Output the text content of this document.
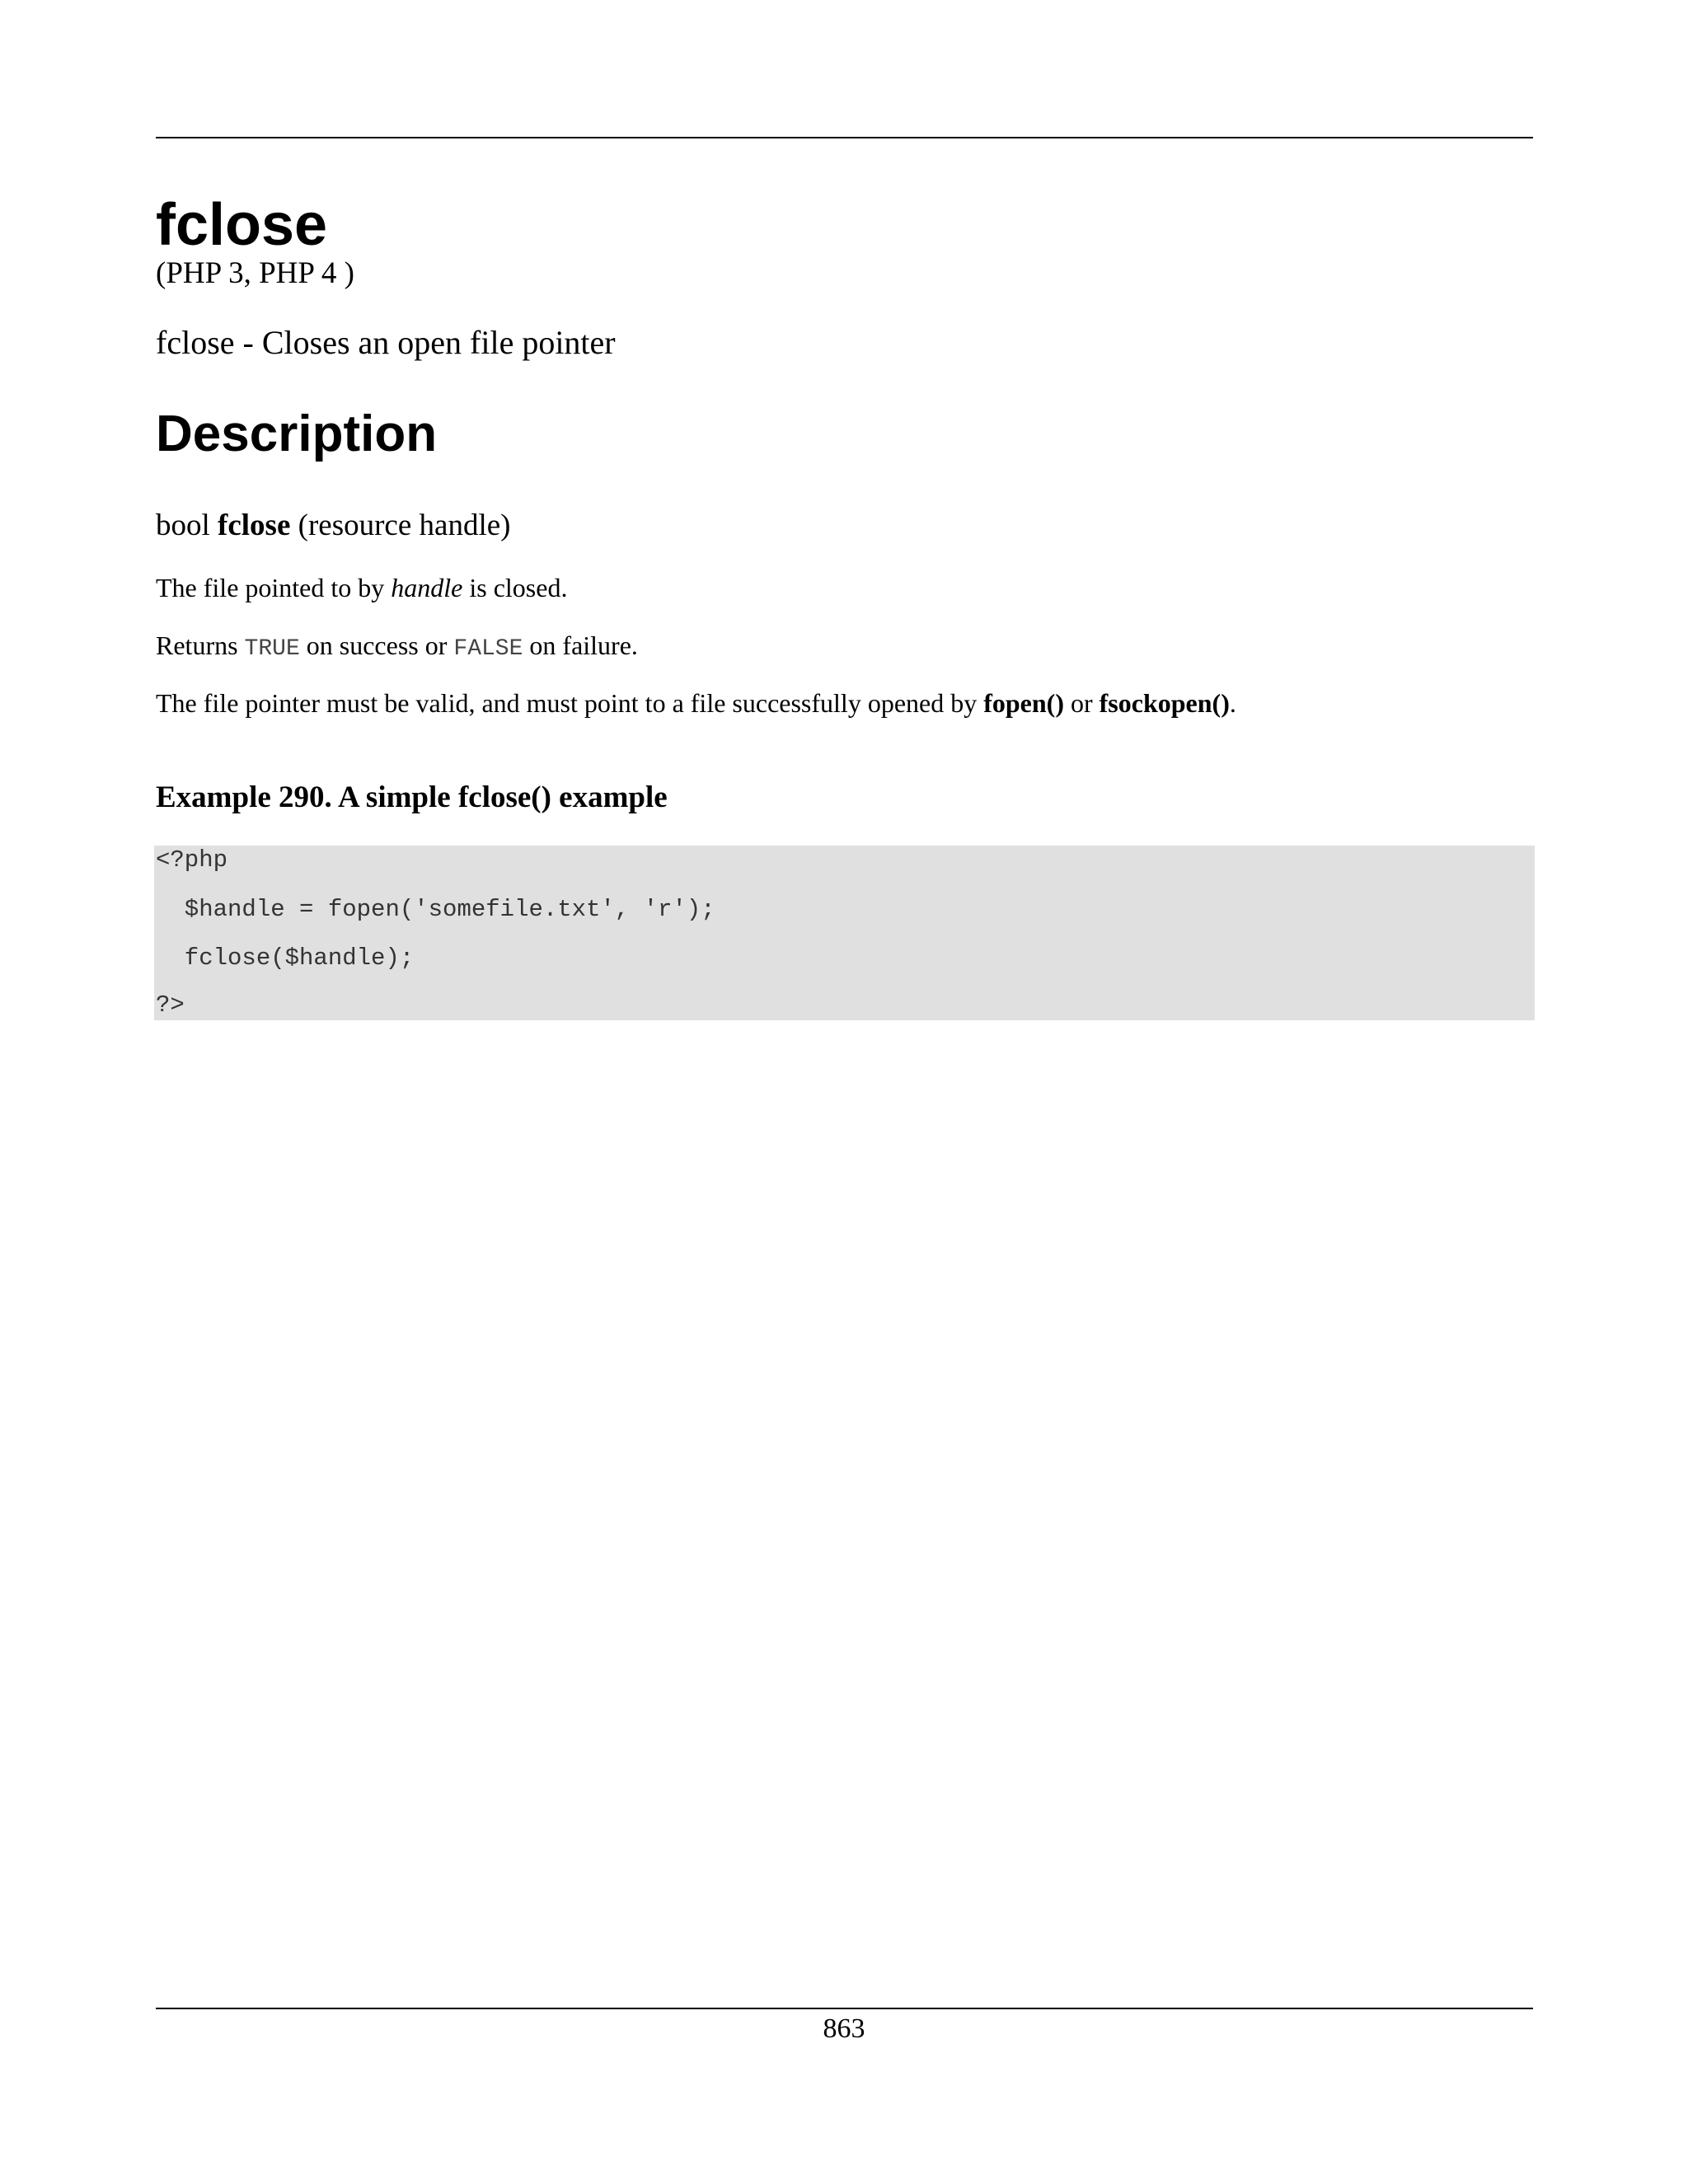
fclose
(PHP 3, PHP 4 )
fclose - Closes an open file pointer
Description
bool fclose (resource handle)

The file pointed to by handle is closed.

Returns TRUE on success or FALSE on failure.

The file pointer must be valid, and must point to a file successfully opened by fopen() or fsockopen().

Example 290. A simple fclose() example
<?php
$handle = fopen('somefile.txt', 'r');
fclose($handle);
?>
863
